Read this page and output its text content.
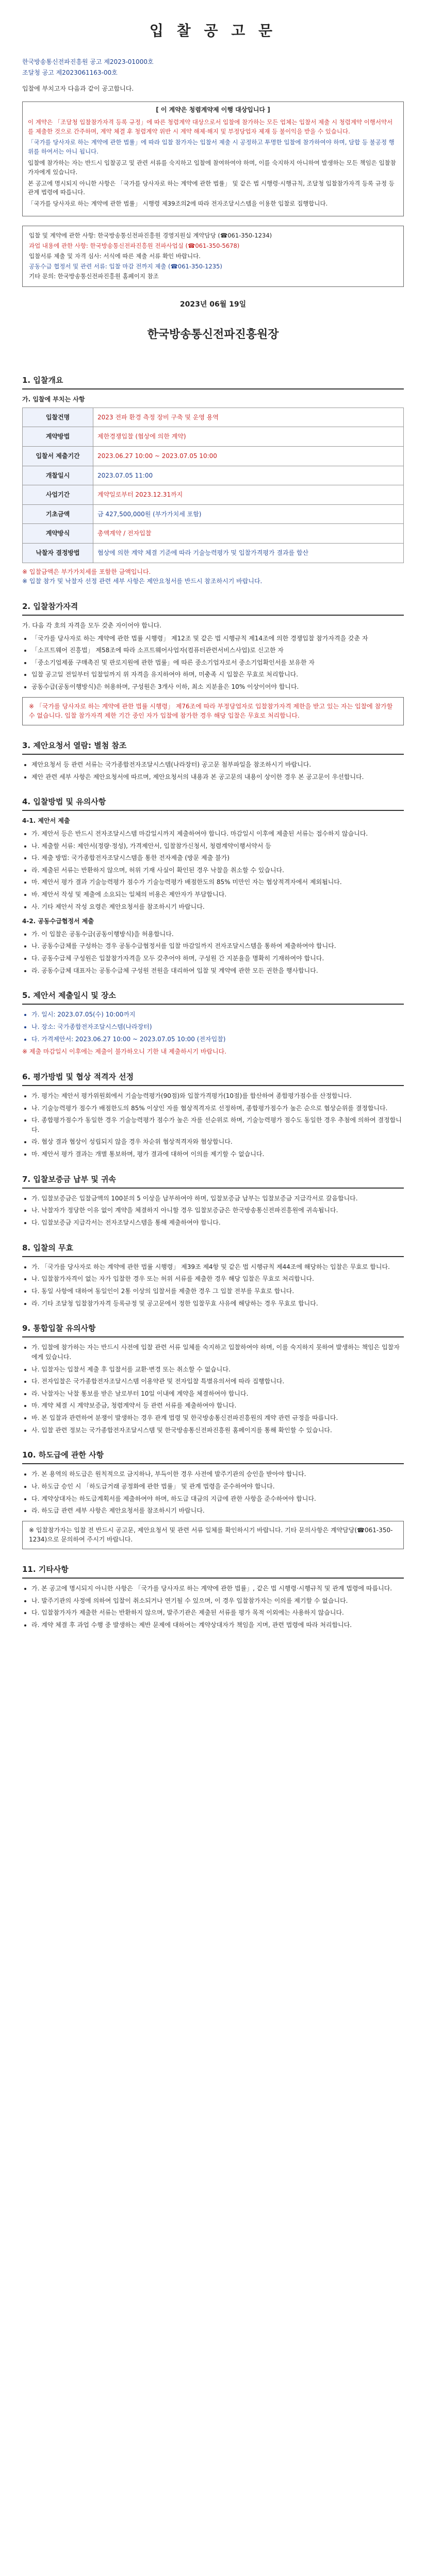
입 찰 공 고 문
한국방송통신전파진흥원 공고 제2023-01000호
조달청 공고 제2023061163-00호
입찰에 부치고자 다음과 같이 공고합니다.
[ 이 계약은 청렴계약제 이행 대상입니다 ]

이 계약은 「조달청 입찰참가자격 등록 규정」에 따른 청렴계약 대상으로서 입찰에 참가하는 모든 업체는 입찰서 제출 시 청렴계약 이행서약서를 제출한 것으로 간주하며, 계약 체결 후 청렴계약 위반 시 계약 해제·해지 및 부정당업자 제재 등 불이익을 받을 수 있습니다.

「국가를 당사자로 하는 계약에 관한 법률」에 따라 입찰 참가자는 입찰서 제출 시 공정하고 투명한 입찰에 참가하여야 하며, 담합 등 불공정 행위를 하여서는 아니 됩니다.

입찰에 참가하는 자는 반드시 입찰공고 및 관련 서류를 숙지하고 입찰에 참여하여야 하며, 이를 숙지하지 아니하여 발생하는 모든 책임은 입찰참가자에게 있습니다.

본 공고에 명시되지 아니한 사항은 「국가를 당사자로 하는 계약에 관한 법률」 및 같은 법 시행령·시행규칙, 조달청 입찰참가자격 등록 규정 등 관계 법령에 따릅니다.

「국가를 당사자로 하는 계약에 관한 법률」 시행령 제39조의2에 따라 전자조달시스템을 이용한 입찰로 집행합니다.

입찰 및 계약에 관한 사항: 한국방송통신전파진흥원 경영지원실 계약담당 (☎061-350-1234)
과업 내용에 관한 사항: 한국방송통신전파진흥원 전파사업실 (☎061-350-5678)
입찰서류 제출 및 자격 심사: 서식에 따른 제출 서류 확인 바랍니다.
공동수급 협정서 및 관련 서류: 입찰 마감 전까지 제출 (☎061-350-1235)
기타 문의: 한국방송통신전파진흥원 홈페이지 참조
2023년 06월 19일
한국방송통신전파진흥원장
1. 입찰개요
가. 입찰에 부치는 사항
입찰건명	2023 전파 환경 측정 장비 구축 및 운영 용역
계약방법	제한경쟁입찰 (협상에 의한 계약)
입찰서 제출기간	2023.06.27 10:00 ~ 2023.07.05 10:00
개찰일시	2023.07.05 11:00
사업기간	계약일로부터 2023.12.31까지
기초금액	금 427,500,000원 (부가가치세 포함)
계약방식	총액계약 / 전자입찰
낙찰자 결정방법	협상에 의한 계약 체결 기준에 따라 기술능력평가 및 입찰가격평가 결과를 합산
※ 입찰금액은 부가가치세를 포함한 금액입니다.
※ 입찰 참가 및 낙찰자 선정 관련 세부 사항은 제안요청서를 반드시 참조하시기 바랍니다.
2. 입찰참가자격
가. 다음 각 호의 자격을 모두 갖춘 자이어야 합니다.
• 「국가를 당사자로 하는 계약에 관한 법률 시행령」 제12조 및 같은 법 시행규칙 제14조에 의한 경쟁입찰 참가자격을 갖춘 자
• 「소프트웨어 진흥법」 제58조에 따라 소프트웨어사업자(컴퓨터관련서비스사업)로 신고한 자
• 「중소기업제품 구매촉진 및 판로지원에 관한 법률」에 따른 중소기업자로서 중소기업확인서를 보유한 자
• 입찰 공고일 전일부터 입찰일까지 위 자격을 유지하여야 하며, 미충족 시 입찰은 무효로 처리합니다.
• 공동수급(공동이행방식)은 허용하며, 구성원은 3개사 이하, 최소 지분율은 10% 이상이어야 합니다.
※ 「국가를 당사자로 하는 계약에 관한 법률 시행령」 제76조에 따라 부정당업자로 입찰참가자격 제한을 받고 있는 자는 입찰에 참가할 수 없습니다. 입찰 참가자격 제한 기간 중인 자가 입찰에 참가한 경우 해당 입찰은 무효로 처리합니다.
3. 제안요청서 열람: 별첨 참조
• 제안요청서 등 관련 서류는 국가종합전자조달시스템(나라장터) 공고문 첨부파일을 참조하시기 바랍니다.
• 제안 관련 세부 사항은 제안요청서에 따르며, 제안요청서의 내용과 본 공고문의 내용이 상이한 경우 본 공고문이 우선합니다.
4. 입찰방법 및 유의사항
4-1. 제안서 제출
• 가. 제안서 등은 반드시 전자조달시스템 마감일시까지 제출하여야 합니다. 마감일시 이후에 제출된 서류는 접수하지 않습니다.
• 나. 제출할 서류: 제안서(정량·정성), 가격제안서, 입찰참가신청서, 청렴계약이행서약서 등
• 다. 제출 방법: 국가종합전자조달시스템을 통한 전자제출 (방문 제출 불가)
• 라. 제출된 서류는 반환하지 않으며, 허위 기재 사실이 확인된 경우 낙찰을 취소할 수 있습니다.
• 마. 제안서 평가 결과 기술능력평가 점수가 기술능력평가 배점한도의 85% 미만인 자는 협상적격자에서 제외됩니다.
• 바. 제안서 작성 및 제출에 소요되는 일체의 비용은 제안자가 부담합니다.
• 사. 기타 제안서 작성 요령은 제안요청서를 참조하시기 바랍니다.
4-2. 공동수급협정서 제출
• 가. 이 입찰은 공동수급(공동이행방식)을 허용합니다.
• 나. 공동수급체를 구성하는 경우 공동수급협정서를 입찰 마감일까지 전자조달시스템을 통하여 제출하여야 합니다.
• 다. 공동수급체 구성원은 입찰참가자격을 모두 갖추어야 하며, 구성원 간 지분율을 명확히 기재하여야 합니다.
• 라. 공동수급체 대표자는 공동수급체 구성원 전원을 대리하여 입찰 및 계약에 관한 모든 권한을 행사합니다.
5. 제안서 제출일시 및 장소
• 가. 일시: 2023.07.05(수) 10:00까지
• 나. 장소: 국가종합전자조달시스템(나라장터)
• 다. 가격제안서: 2023.06.27 10:00 ~ 2023.07.05 10:00 (전자입찰)
※ 제출 마감일시 이후에는 제출이 불가하오니 기한 내 제출하시기 바랍니다.
6. 평가방법 및 협상 적격자 선정
• 가. 평가는 제안서 평가위원회에서 기술능력평가(90점)와 입찰가격평가(10점)를 합산하여 종합평가점수를 산정합니다.
• 나. 기술능력평가 점수가 배점한도의 85% 이상인 자를 협상적격자로 선정하며, 종합평가점수가 높은 순으로 협상순위를 결정합니다.
• 다. 종합평가점수가 동일한 경우 기술능력평가 점수가 높은 자를 선순위로 하며, 기술능력평가 점수도 동일한 경우 추첨에 의하여 결정합니다.
• 라. 협상 결과 협상이 성립되지 않을 경우 차순위 협상적격자와 협상합니다.
• 마. 제안서 평가 결과는 개별 통보하며, 평가 결과에 대하여 이의를 제기할 수 없습니다.
7. 입찰보증금 납부 및 귀속
• 가. 입찰보증금은 입찰금액의 100분의 5 이상을 납부하여야 하며, 입찰보증금 납부는 입찰보증금 지급각서로 갈음합니다.
• 나. 낙찰자가 정당한 이유 없이 계약을 체결하지 아니할 경우 입찰보증금은 한국방송통신전파진흥원에 귀속됩니다.
• 다. 입찰보증금 지급각서는 전자조달시스템을 통해 제출하여야 합니다.
8. 입찰의 무효
• 가. 「국가를 당사자로 하는 계약에 관한 법률 시행령」 제39조 제4항 및 같은 법 시행규칙 제44조에 해당하는 입찰은 무효로 합니다.
• 나. 입찰참가자격이 없는 자가 입찰한 경우 또는 허위 서류를 제출한 경우 해당 입찰은 무효로 처리합니다.
• 다. 동일 사항에 대하여 동일인이 2통 이상의 입찰서를 제출한 경우 그 입찰 전부를 무효로 합니다.
• 라. 기타 조달청 입찰참가자격 등록규정 및 공고문에서 정한 입찰무효 사유에 해당하는 경우 무효로 합니다.
9. 통합입찰 유의사항
• 가. 입찰에 참가하는 자는 반드시 사전에 입찰 관련 서류 일체를 숙지하고 입찰하여야 하며, 이를 숙지하지 못하여 발생하는 책임은 입찰자에게 있습니다.
• 나. 입찰자는 입찰서 제출 후 입찰서를 교환·변경 또는 취소할 수 없습니다.
• 다. 전자입찰은 국가종합전자조달시스템 이용약관 및 전자입찰 특별유의서에 따라 집행합니다.
• 라. 낙찰자는 낙찰 통보를 받은 날로부터 10일 이내에 계약을 체결하여야 합니다.
• 마. 계약 체결 시 계약보증금, 청렴계약서 등 관련 서류를 제출하여야 합니다.
• 바. 본 입찰과 관련하여 분쟁이 발생하는 경우 관계 법령 및 한국방송통신전파진흥원의 계약 관련 규정을 따릅니다.
• 사. 입찰 관련 정보는 국가종합전자조달시스템 및 한국방송통신전파진흥원 홈페이지를 통해 확인할 수 있습니다.
10. 하도급에 관한 사항
• 가. 본 용역의 하도급은 원칙적으로 금지하나, 부득이한 경우 사전에 발주기관의 승인을 받아야 합니다.
• 나. 하도급 승인 시 「하도급거래 공정화에 관한 법률」 및 관계 법령을 준수하여야 합니다.
• 다. 계약상대자는 하도급계획서를 제출하여야 하며, 하도급 대금의 지급에 관한 사항을 준수하여야 합니다.
• 라. 하도급 관련 세부 사항은 제안요청서를 참조하시기 바랍니다.
※ 입찰참가자는 입찰 전 반드시 공고문, 제안요청서 및 관련 서류 일체를 확인하시기 바랍니다. 기타 문의사항은 계약담당(☎061-350-1234)으로 문의하여 주시기 바랍니다.
11. 기타사항
• 가. 본 공고에 명시되지 아니한 사항은 「국가를 당사자로 하는 계약에 관한 법률」, 같은 법 시행령·시행규칙 및 관계 법령에 따릅니다.
• 나. 발주기관의 사정에 의하여 입찰이 취소되거나 연기될 수 있으며, 이 경우 입찰참가자는 이의를 제기할 수 없습니다.
• 다. 입찰참가자가 제출한 서류는 반환하지 않으며, 발주기관은 제출된 서류를 평가 목적 이외에는 사용하지 않습니다.
• 라. 계약 체결 후 과업 수행 중 발생하는 제반 문제에 대하여는 계약상대자가 책임을 지며, 관련 법령에 따라 처리합니다.
